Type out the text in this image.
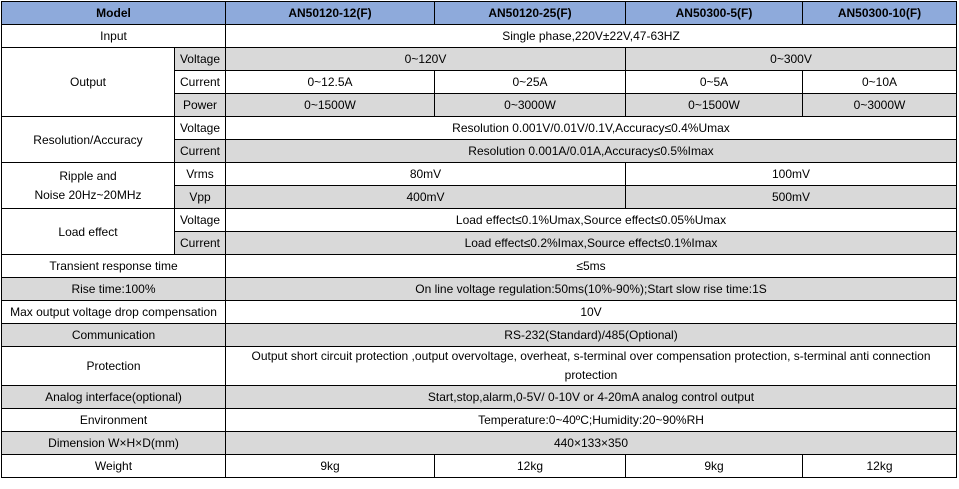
Model		AN50120-12(F)	AN50120-25(F)	AN50300-5(F)	AN50300-10(F)
Input		Single phase,220V±22V,47-63HZ			
Output	Voltage	0~120V		0~300V	
	Current	0~12.5A	0~25A	0~5A	0~10A
	Power	0~1500W	0~3000W	0~1500W	0~3000W
Resolution/Accuracy	Voltage	Resolution 0.001V/0.01V/0.1V,Accuracy≤0.4%Umax			
	Current	Resolution 0.001A/0.01A,Accuracy≤0.5%Imax			
Ripple and
Noise 20Hz~20MHz	Vrms	80mV		100mV	
	Vpp	400mV		500mV	
Load effect	Voltage	Load effect≤0.1%Umax,Source effect≤0.05%Umax			
	Current	Load effect≤0.2%Imax,Source effect≤0.1%Imax			
Transient response time		≤5ms			
Rise time:100%		On line voltage regulation:50ms(10%-90%);Start slow rise time:1S			
Max output voltage drop compensation		10V			
Communication		RS-232(Standard)/485(Optional)			
Protection		Output short circuit protection ,output overvoltage, overheat, s-terminal over compensation protection, s-terminal anti connection protection			
Analog interface(optional)		Start,stop,alarm,0-5V/ 0-10V or 4-20mA analog control output			
Environment		Temperature:0~40ºC;Humidity:20~90%RH			
Dimension W×H×D(mm)		440×133×350			
Weight		9kg	12kg	9kg	12kg
